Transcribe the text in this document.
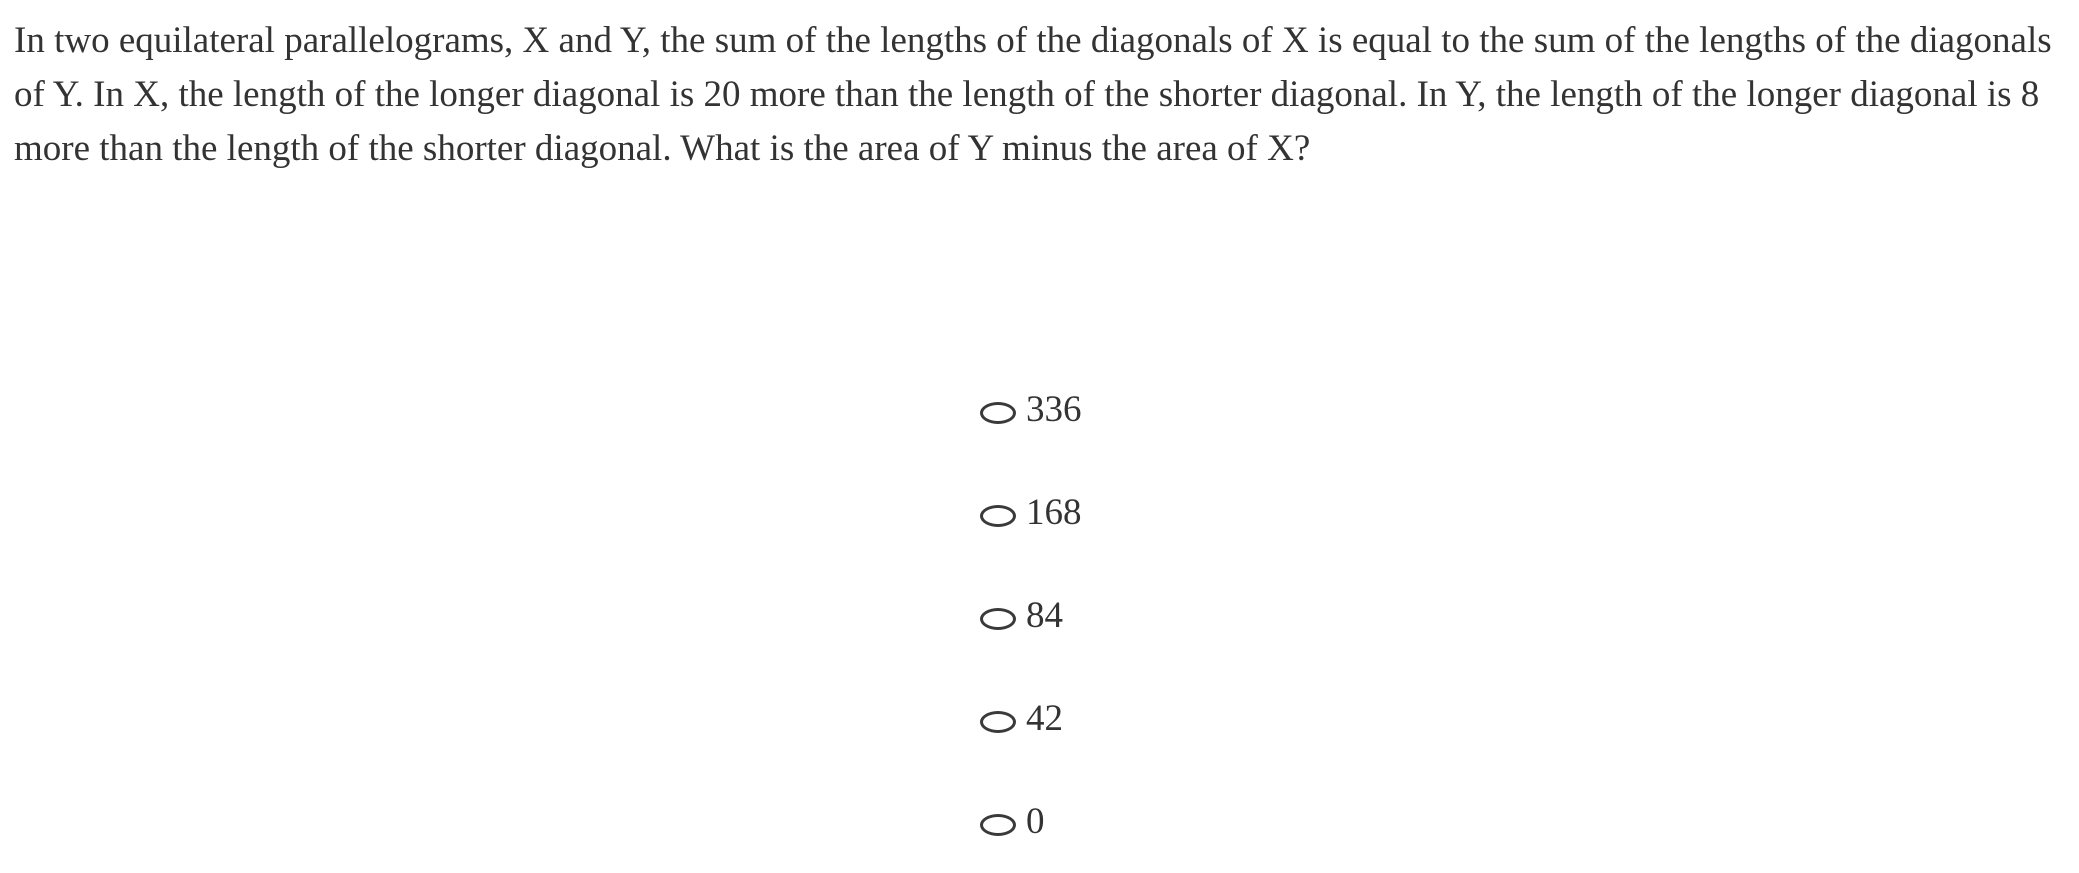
In two equilateral parallelograms, X and Y, the sum of the lengths of the diagonals of X is equal to the sum of the lengths of the diagonals of Y. In X, the length of the longer diagonal is 20 more than the length of the shorter diagonal. In Y, the length of the longer diagonal is 8 more than the length of the shorter diagonal. What is the area of Y minus the area of X?

336
168
84
42
0
